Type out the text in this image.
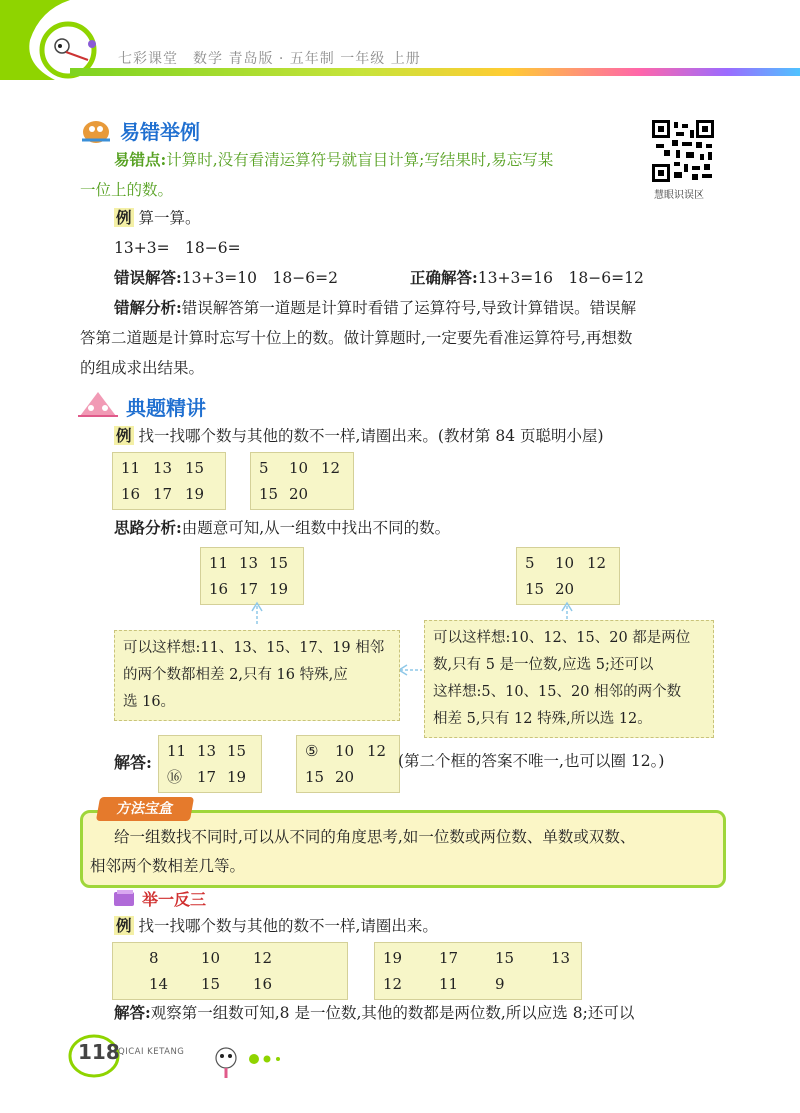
七彩课堂　数学 青岛版 · 五年制 一年级 上册
易错举例
易错点:计算时,没有看清运算符号就盲目计算;写结果时,易忘写某
一位上的数。	慧眼识误区
例 算一算。
13+3=　18−6=
错误解答:13+3=10　18−6=2	正确解答:13+3=16　18−6=12
错解分析:错误解答第一道题是计算时看错了运算符号,导致计算错误。错误解
答第二道题是计算时忘写十位上的数。做计算题时,一定要先看准运算符号,再想数
的组成求出结果。
典题精讲
例 找一找哪个数与其他的数不一样,请圈出来。(教材第 84 页聪明小屋)
11 13 15
16 17 19
5 10 12
15 20
思路分析:由题意可知,从一组数中找出不同的数。
11 13 15
16 17 19
5 10 12
15 20
可以这样想:11、13、15、17、19 相邻
的两个数都相差 2,只有 16 特殊,应
选 16。
可以这样想:10、12、15、20 都是两位
数,只有 5 是一位数,应选 5;还可以
这样想:5、10、15、20 相邻的两个数
相差 5,只有 12 特殊,所以选 12。
解答:
11 13 15
⑯ 17 19
⑤ 10 12
15 20
(第二个框的答案不唯一,也可以圈 12。)
方法宝盒
给一组数找不同时,可以从不同的角度思考,如一位数或两位数、单数或双数、
相邻两个数相差几等。
举一反三
例 找一找哪个数与其他的数不一样,请圈出来。
8	10 12
14 15 16
19 17 15 13
12 11 9
解答:观察第一组数可知,8 是一位数,其他的数都是两位数,所以应选 8;还可以
118
QICAI KETANG
